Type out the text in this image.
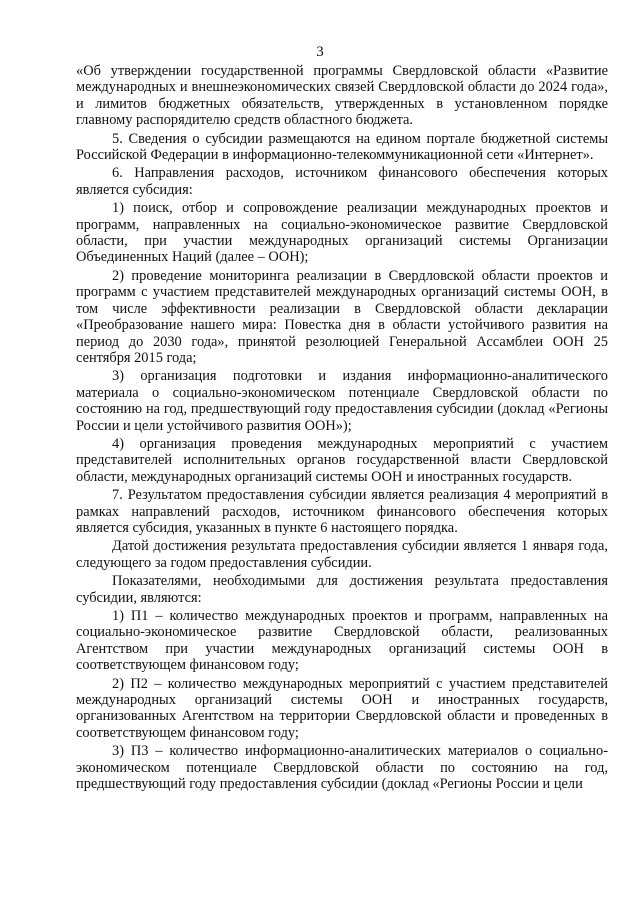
3

«Об утверждении государственной программы Свердловской области «Развитие международных и внешнеэкономических связей Свердловской области до 2024 года», и лимитов бюджетных обязательств, утвержденных в установленном порядке главному распорядителю средств областного бюджета.

5. Сведения о субсидии размещаются на едином портале бюджетной системы Российской Федерации в информационно-телекоммуникационной сети «Интернет».

6. Направления расходов, источником финансового обеспечения которых является субсидия:

1) поиск, отбор и сопровождение реализации международных проектов и программ, направленных на социально-экономическое развитие Свердловской области, при участии международных организаций системы Организации Объединенных Наций (далее – ООН);

2) проведение мониторинга реализации в Свердловской области проектов и программ с участием представителей международных организаций системы ООН, в том числе эффективности реализации в Свердловской области декларации «Преобразование нашего мира: Повестка дня в области устойчивого развития на период до 2030 года», принятой резолюцией Генеральной Ассамблеи ООН 25 сентября 2015 года;

3) организация подготовки и издания информационно-аналитического материала о социально-экономическом потенциале Свердловской области по состоянию на год, предшествующий году предоставления субсидии (доклад «Регионы России и цели устойчивого развития ООН»);

4) организация проведения международных мероприятий с участием представителей исполнительных органов государственной власти Свердловской области, международных организаций системы ООН и иностранных государств.

7. Результатом предоставления субсидии является реализация 4 мероприятий в рамках направлений расходов, источником финансового обеспечения которых является субсидия, указанных в пункте 6 настоящего порядка.

Датой достижения результата предоставления субсидии является 1 января года, следующего за годом предоставления субсидии.

Показателями, необходимыми для достижения результата предоставления субсидии, являются:

1) П1 – количество международных проектов и программ, направленных на социально-экономическое развитие Свердловской области, реализованных Агентством при участии международных организаций системы ООН в соответствующем финансовом году;

2) П2 – количество международных мероприятий с участием представителей международных организаций системы ООН и иностранных государств, организованных Агентством на территории Свердловской области и проведенных в соответствующем финансовом году;

3) П3 – количество информационно-аналитических материалов о социально-экономическом потенциале Свердловской области по состоянию на год, предшествующий году предоставления субсидии (доклад «Регионы России и цели
